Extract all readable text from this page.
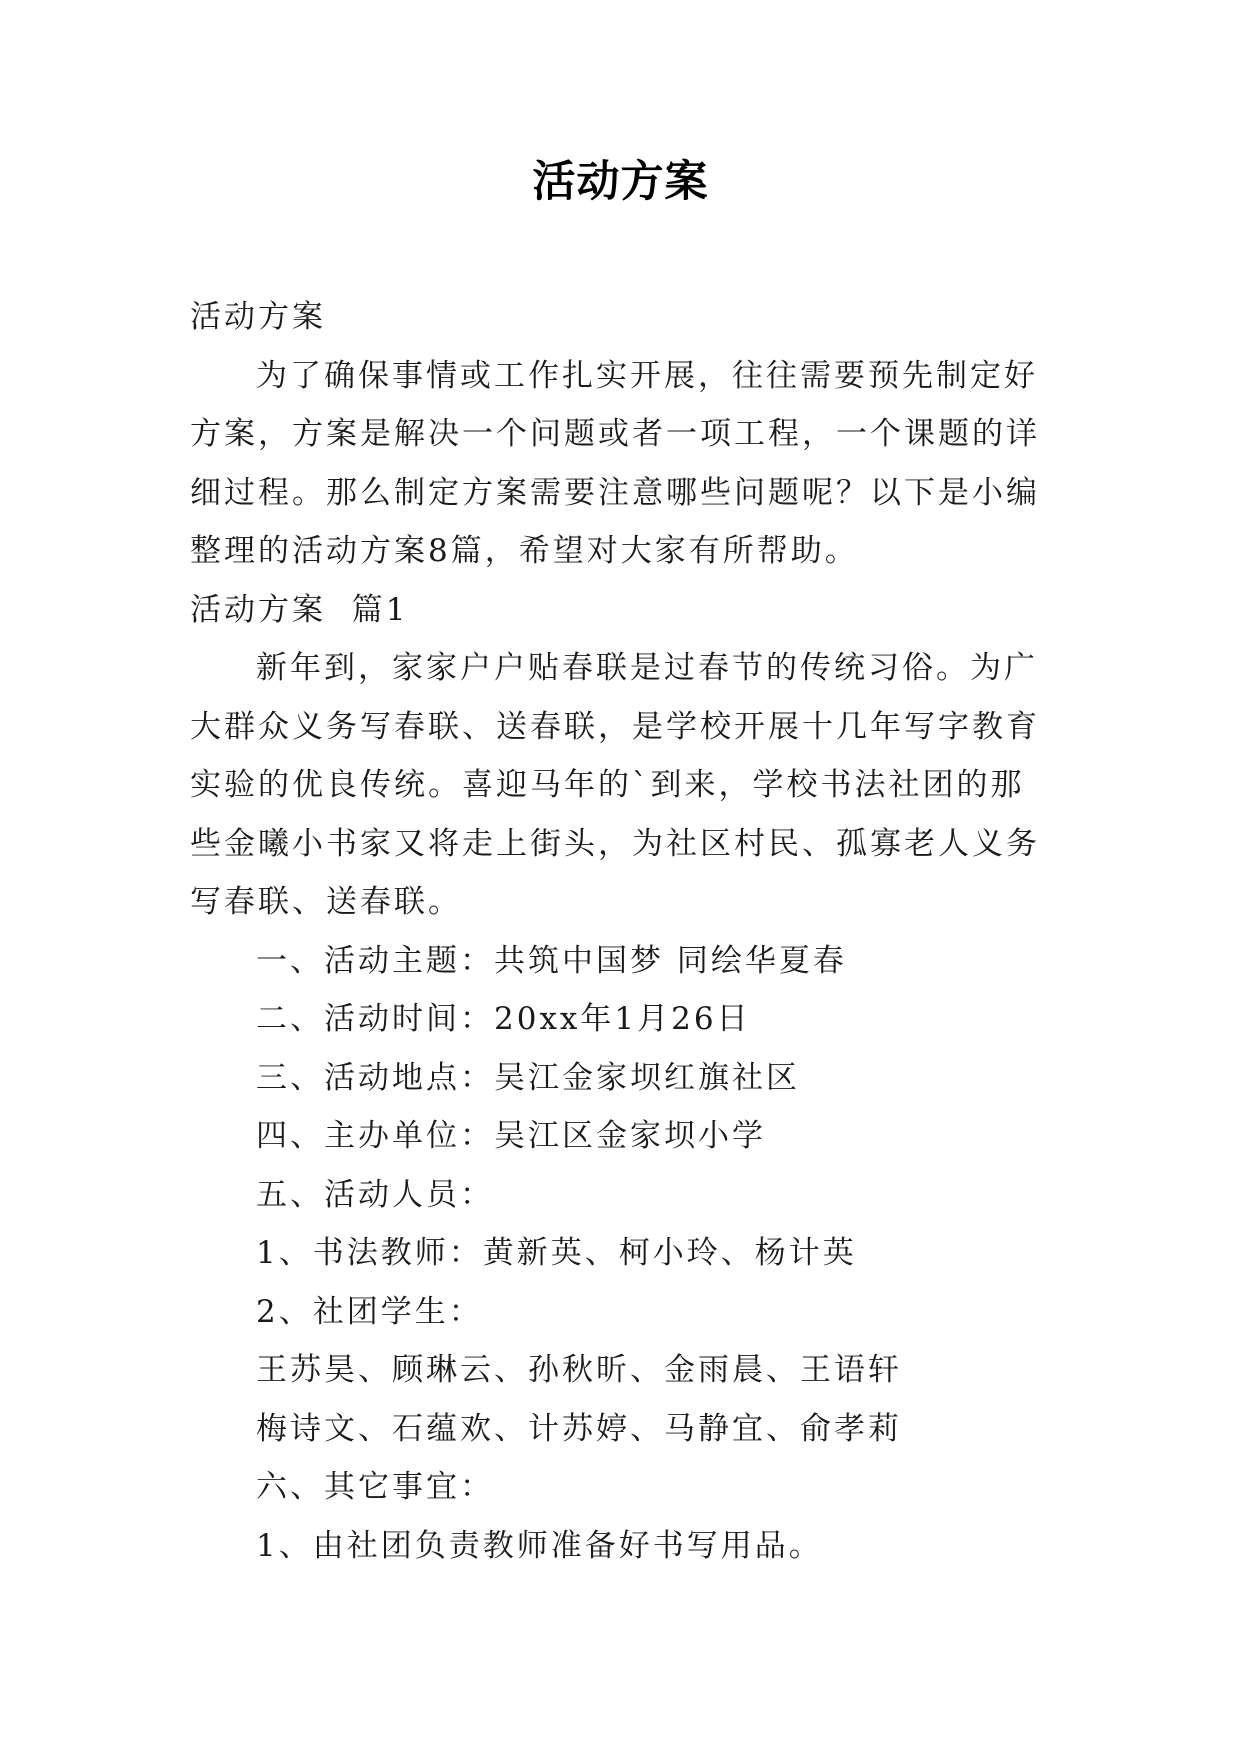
活动方案

活动方案

为了确保事情或工作扎实开展，往往需要预先制定好方案，方案是解决一个问题或者一项工程，一个课题的详细过程。那么制定方案需要注意哪些问题呢？以下是小编整理的活动方案8篇，希望对大家有所帮助。

活动方案  篇1

新年到，家家户户贴春联是过春节的传统习俗。为广大群众义务写春联、送春联，是学校开展十几年写字教育实验的优良传统。喜迎马年的`到来，学校书法社团的那些金曦小书家又将走上街头，为社区村民、孤寡老人义务写春联、送春联。

一、活动主题：共筑中国梦 同绘华夏春

二、活动时间：20xx年1月26日

三、活动地点：吴江金家坝红旗社区

四、主办单位：吴江区金家坝小学

五、活动人员：

1、书法教师：黄新英、柯小玲、杨计英

2、社团学生：

王苏昊、顾琳云、孙秋昕、金雨晨、王语轩

梅诗文、石蕴欢、计苏婷、马静宜、俞孝莉

六、其它事宜：

1、由社团负责教师准备好书写用品。
